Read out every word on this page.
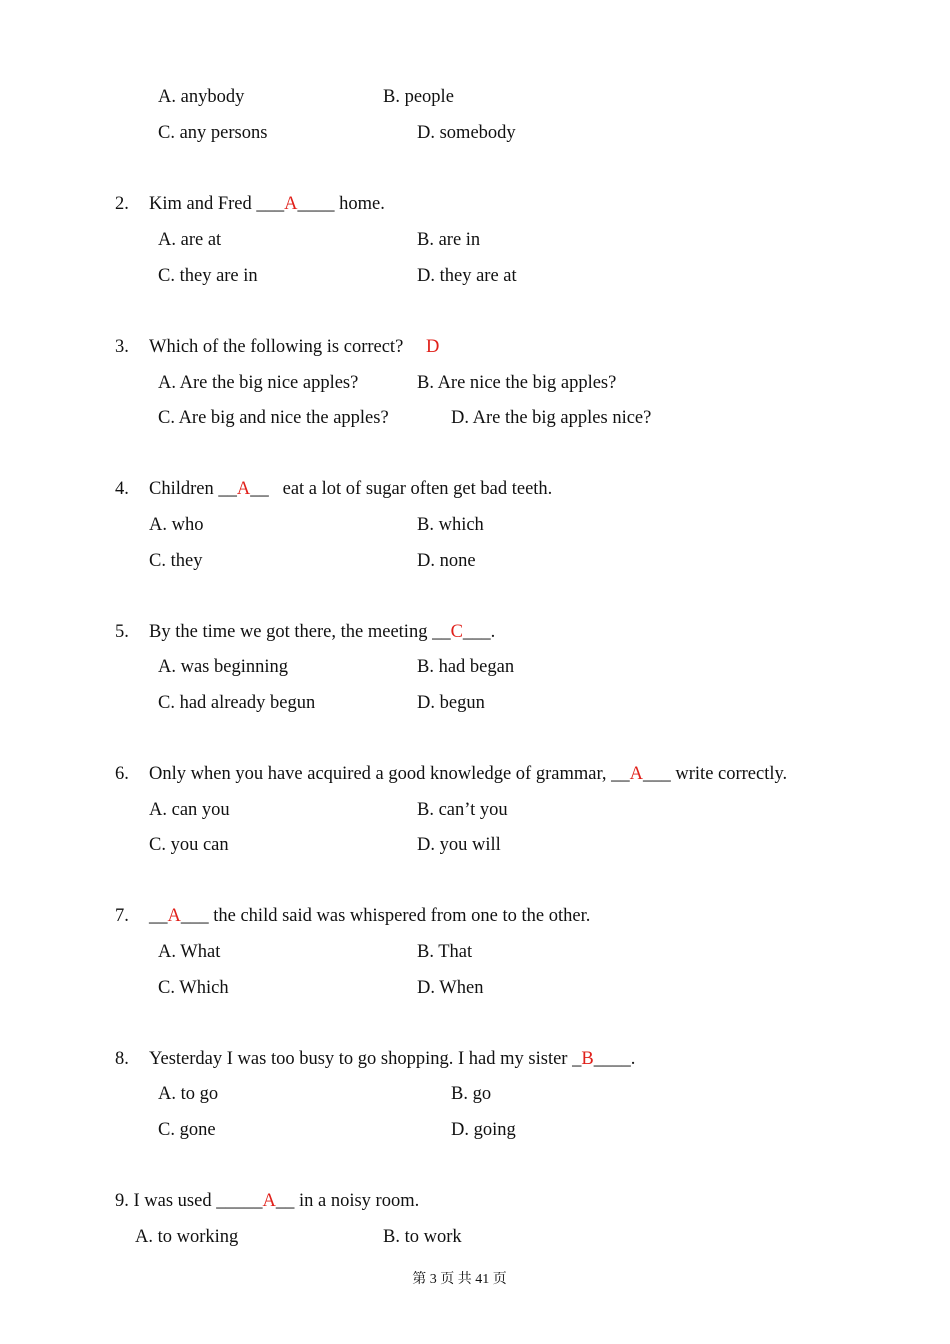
A. anybody	B. people
C. any persons	D. somebody
2. Kim and Fred ___A____ home.
A. are at	B. are in
C. they are in	D. they are at
3. Which of the following is correct? D
A. Are the big nice apples?	B. Are nice the big apples?
C. Are big and nice the apples?	D. Are the big apples nice?
4. Children __A__   eat a lot of sugar often get bad teeth.
A. who	B. which
C. they	D. none
5. By the time we got there, the meeting __C___.
A. was beginning	B. had began
C. had already begun	D. begun
6. Only when you have acquired a good knowledge of grammar, __A___ write correctly.
A. can you	B. can’t you
C. you can	D. you will
7. __A___ the child said was whispered from one to the other.
A. What	B. That
C. Which	D. When
8. Yesterday I was too busy to go shopping. I had my sister _B____.
A. to go	B. go
C. gone	D. going
9. I was used _____A__ in a noisy room.
A. to working	B. to work
第 3 页 共 41 页
